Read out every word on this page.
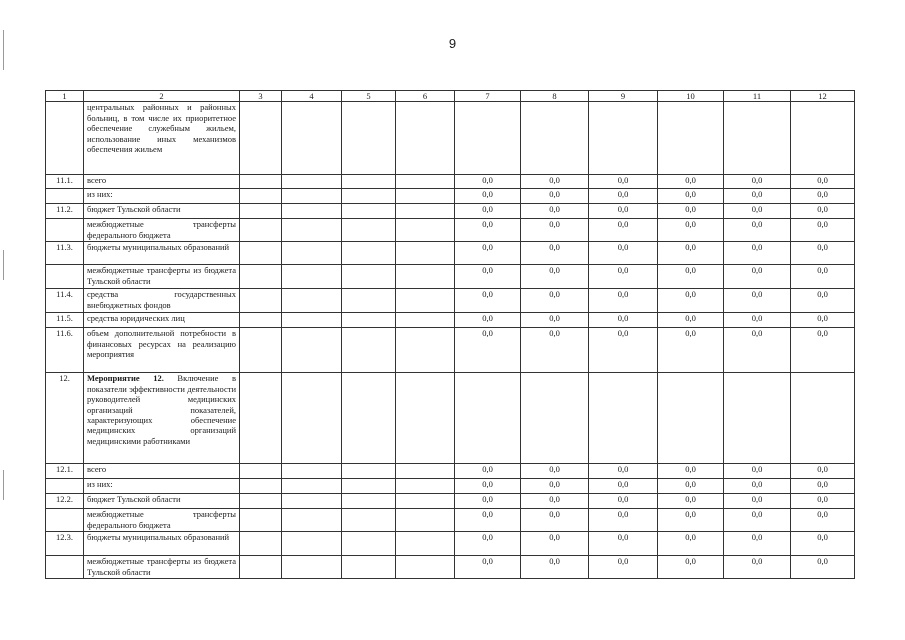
9
1	2	3	4	5	6	7	8	9	10	11	12
	центральных районных и районных больниц, в том числе их приоритетное обеспечение служебным жильем, использование иных механизмов обеспечения жильем										
11.1.	всего					0,0	0,0	0,0	0,0	0,0	0,0
	из них:					0,0	0,0	0,0	0,0	0,0	0,0
11.2.	бюджет Тульской области					0,0	0,0	0,0	0,0	0,0	0,0
	межбюджетные трансферты федерального бюджета					0,0	0,0	0,0	0,0	0,0	0,0
11.3.	бюджеты муниципальных образований					0,0	0,0	0,0	0,0	0,0	0,0
	межбюджетные трансферты из бюджета Тульской области					0,0	0,0	0,0	0,0	0,0	0,0
11.4.	средства государственных внебюджетных фондов					0,0	0,0	0,0	0,0	0,0	0,0
11.5.	средства юридических лиц					0,0	0,0	0,0	0,0	0,0	0,0
11.6.	объем дополнительной потребности в финансовых ресурсах на реализацию мероприятия					0,0	0,0	0,0	0,0	0,0	0,0
12.	Мероприятие 12. Включение в показатели эффективности деятельности руководителей медицинских организаций показателей, характеризующих обеспечение медицинских организаций медицинскими работниками										
12.1.	всего					0,0	0,0	0,0	0,0	0,0	0,0
	из них:					0,0	0,0	0,0	0,0	0,0	0,0
12.2.	бюджет Тульской области					0,0	0,0	0,0	0,0	0,0	0,0
	межбюджетные трансферты федерального бюджета					0,0	0,0	0,0	0,0	0,0	0,0
12.3.	бюджеты муниципальных образований					0,0	0,0	0,0	0,0	0,0	0,0
	межбюджетные трансферты из бюджета Тульской области					0,0	0,0	0,0	0,0	0,0	0,0
